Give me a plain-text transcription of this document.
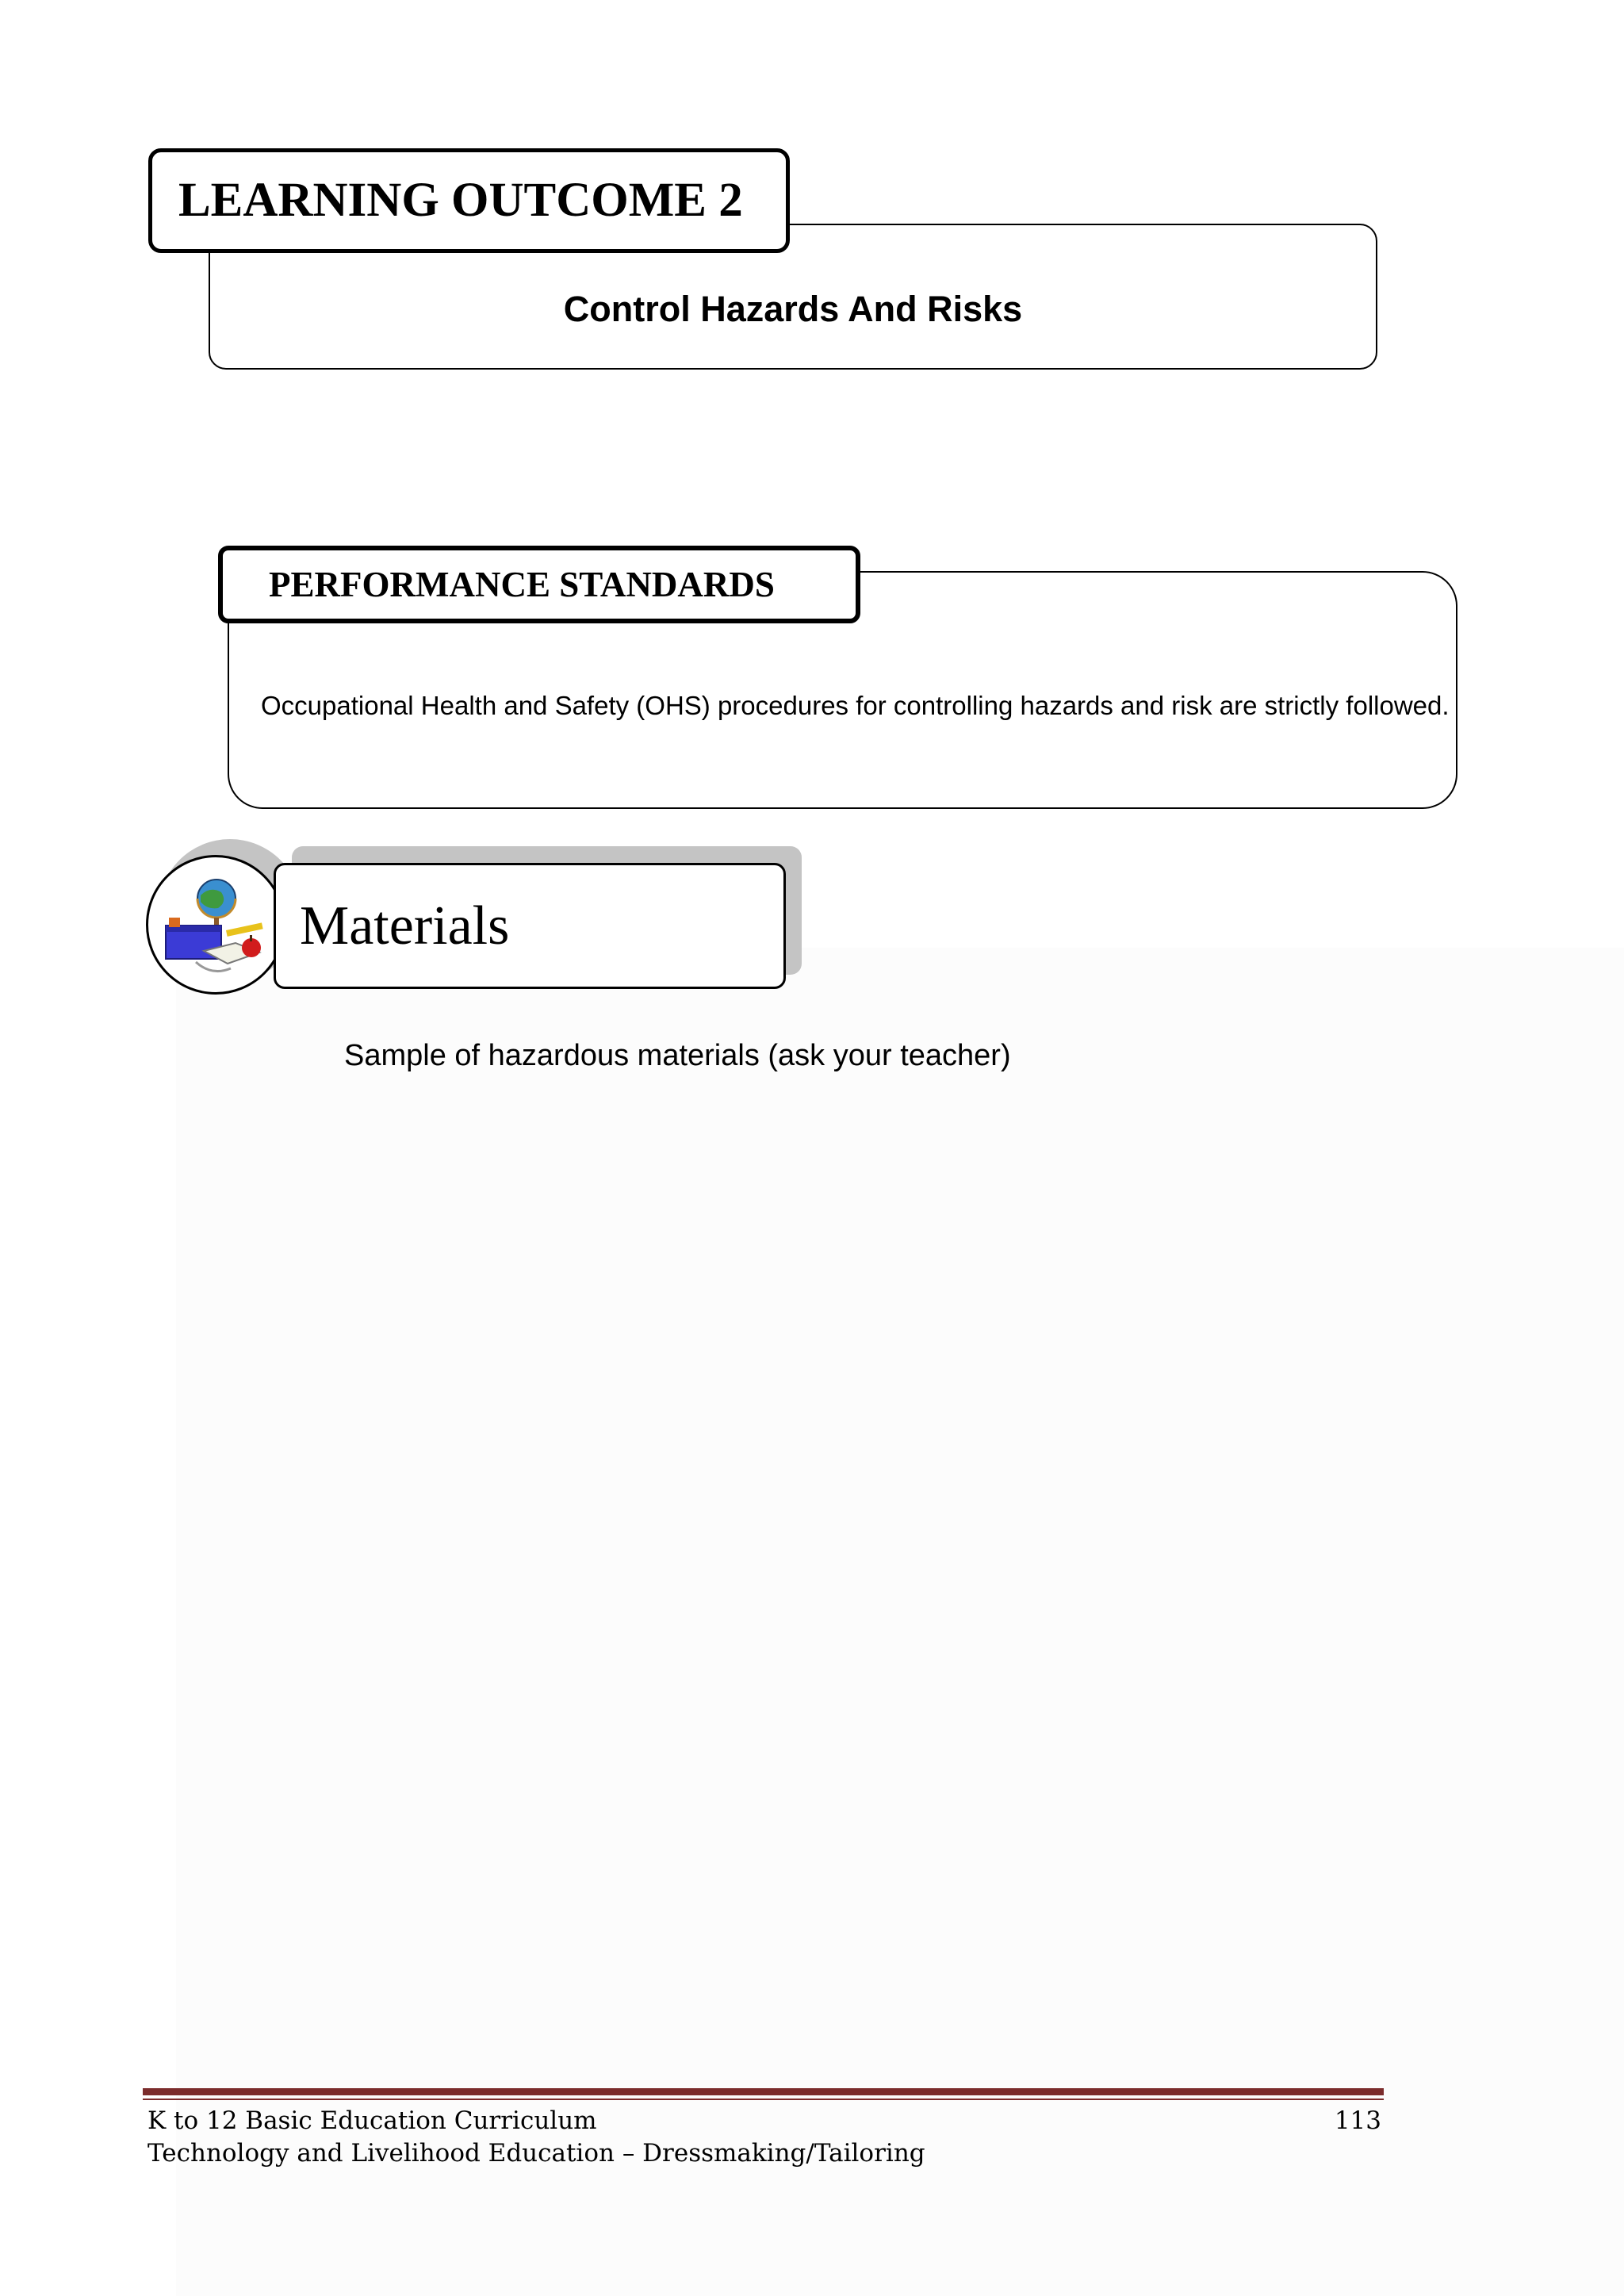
Control Hazards And Risks
LEARNING OUTCOME 2
Occupational Health and Safety (OHS) procedures for controlling hazards and risk are strictly followed.
PERFORMANCE STANDARDS
Materials
Sample of hazardous materials (ask your teacher)
K to 12 Basic Education Curriculum
Technology and Livelihood Education – Dressmaking/Tailoring
113
